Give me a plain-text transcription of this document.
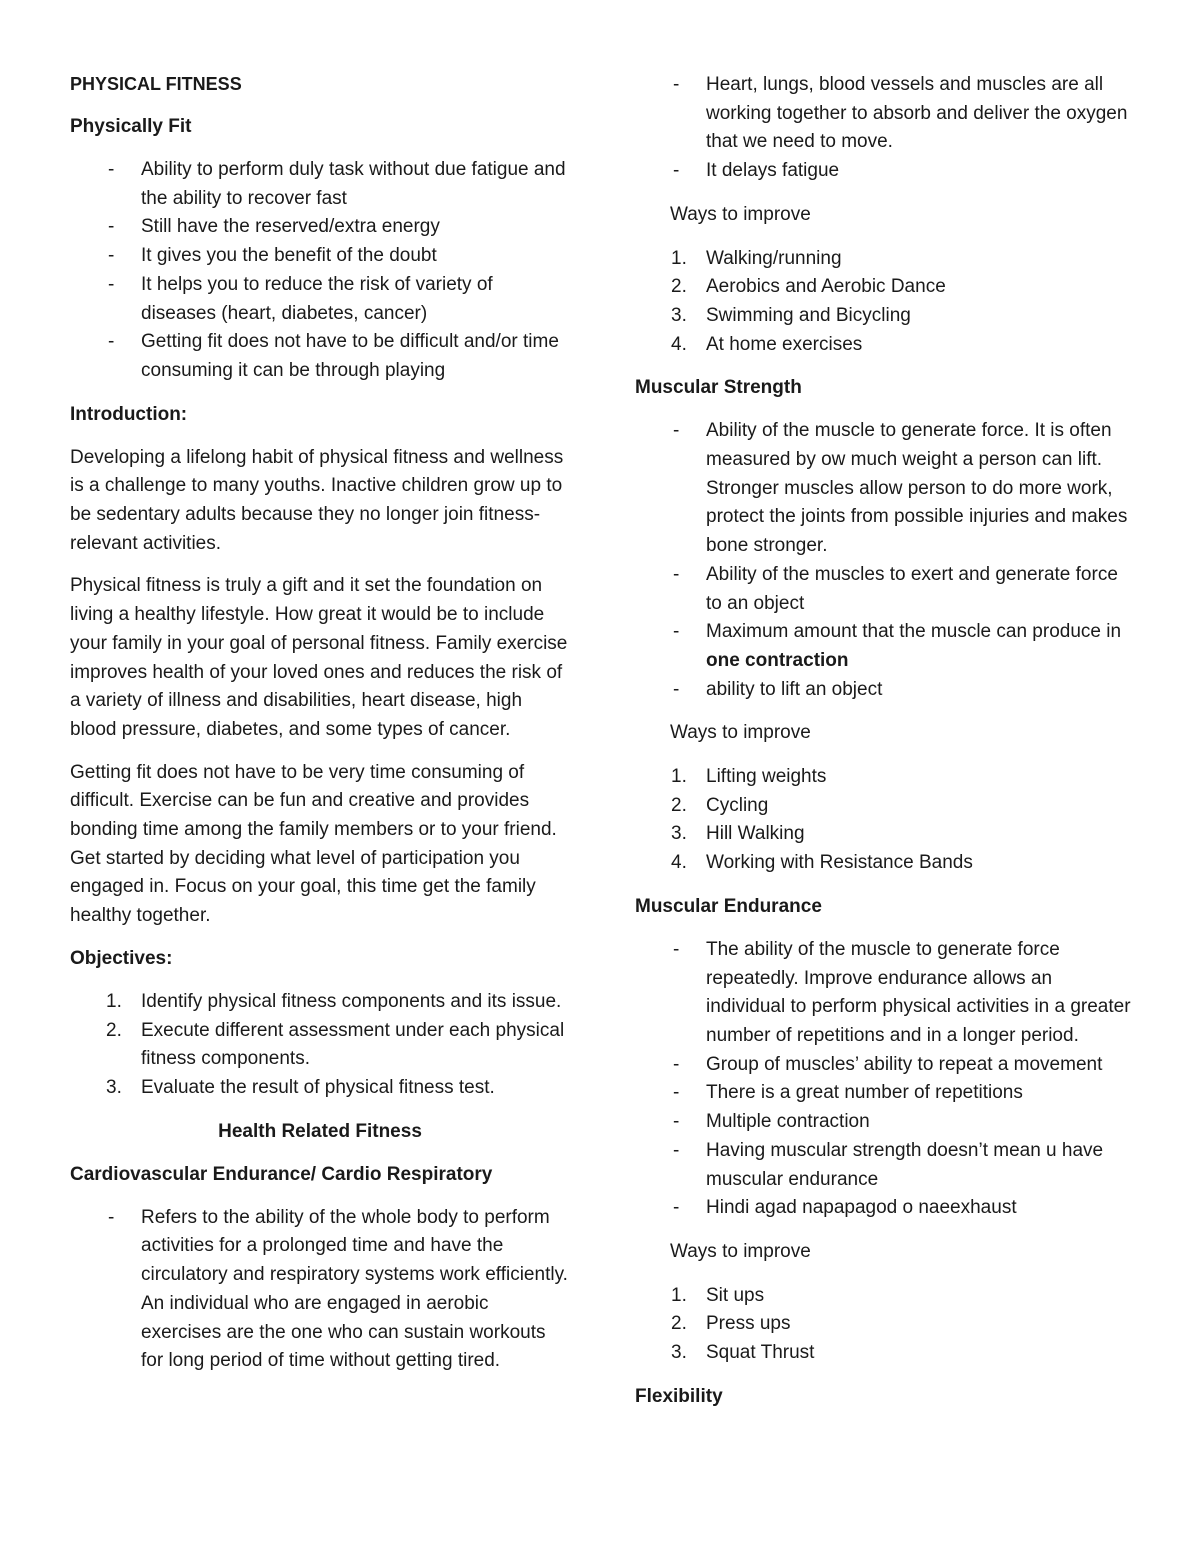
PHYSICAL FITNESS
Physically Fit
- Ability to perform duly task without due fatigue and the ability to recover fast
- Still have the reserved/extra energy
- It gives you the benefit of the doubt
- It helps you to reduce the risk of variety of diseases (heart, diabetes, cancer)
- Getting fit does not have to be difficult and/or time consuming it can be through playing
Introduction:

Developing a lifelong habit of physical fitness and wellness is a challenge to many youths. Inactive children grow up to be sedentary adults because they no longer join fitness-relevant activities.

Physical fitness is truly a gift and it set the foundation on living a healthy lifestyle. How great it would be to include your family in your goal of personal fitness. Family exercise improves health of your loved ones and reduces the risk of a variety of illness and disabilities, heart disease, high blood pressure, diabetes, and some types of cancer.

Getting fit does not have to be very time consuming of difficult. Exercise can be fun and creative and provides bonding time among the family members or to your friend. Get started by deciding what level of participation you engaged in. Focus on your goal, this time get the family healthy together.

Objectives:
1. Identify physical fitness components and its issue.
2. Execute different assessment under each physical fitness components.
3. Evaluate the result of physical fitness test.
Health Related Fitness
Cardiovascular Endurance/ Cardio Respiratory
- Refers to the ability of the whole body to perform activities for a prolonged time and have the circulatory and respiratory systems work efficiently. An individual who are engaged in aerobic exercises are the one who can sustain workouts for long period of time without getting tired.
- Heart, lungs, blood vessels and muscles are all working together to absorb and deliver the oxygen that we need to move.
- It delays fatigue
Ways to improve
1. Walking/running
2. Aerobics and Aerobic Dance
3. Swimming and Bicycling
4. At home exercises
Muscular Strength
- Ability of the muscle to generate force. It is often measured by ow much weight a person can lift. Stronger muscles allow person to do more work, protect the joints from possible injuries and makes bone stronger.
- Ability of the muscles to exert and generate force to an object
- Maximum amount that the muscle can produce in one contraction
- ability to lift an object
Ways to improve
1. Lifting weights
2. Cycling
3. Hill Walking
4. Working with Resistance Bands
Muscular Endurance
- The ability of the muscle to generate force repeatedly. Improve endurance allows an individual to perform physical activities in a greater number of repetitions and in a longer period.
- Group of muscles’ ability to repeat a movement
- There is a great number of repetitions
- Multiple contraction
- Having muscular strength doesn’t mean u have muscular endurance
- Hindi agad napapagod o naeexhaust
Ways to improve
1. Sit ups
2. Press ups
3. Squat Thrust
Flexibility
